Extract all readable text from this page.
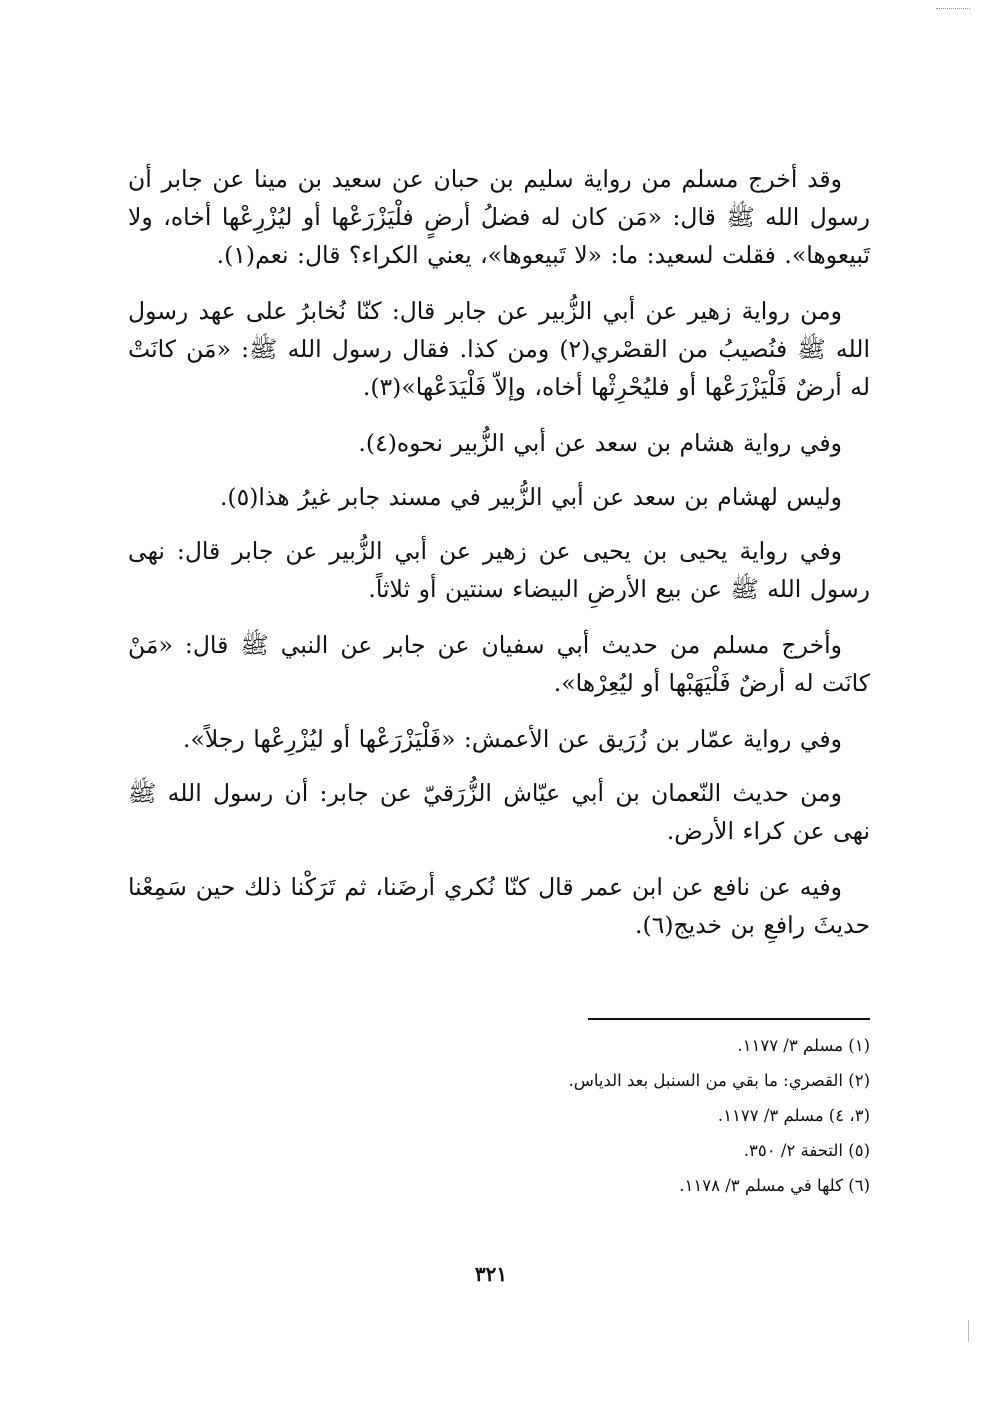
وقد أخرج مسلم من رواية سليم بن حبان عن سعيد بن مينا عن جابر أن رسول الله ﷺ قال: «مَن كان له فضلُ أرضٍ فلْيَزْرَعْها أو ليُزْرِعْها أخاه، ولا تَبيعوها». فقلت لسعيد: ما: «لا تَبيعوها»، يعني الكراء؟ قال: نعم(١).

ومن رواية زهير عن أبي الزُّبير عن جابر قال: كنّا نُخابرُ على عهد رسول الله ﷺ فنُصيبُ من القصْري(٢) ومن كذا. فقال رسول الله ﷺ: «مَن كانَتْ له أرضٌ فَلْيَزْرَعْها أو فليُحْرِثْها أخاه، وإلاّ فَلْيَدَعْها»(٣).

وفي رواية هشام بن سعد عن أبي الزُّبير نحوه(٤).

وليس لهشام بن سعد عن أبي الزُّبير في مسند جابر غيرُ هذا(٥).

وفي رواية يحيى بن يحيى عن زهير عن أبي الزُّبير عن جابر قال: نهى رسول الله ﷺ عن بيع الأرضِ البيضاء سنتين أو ثلاثاً.

وأخرج مسلم من حديث أبي سفيان عن جابر عن النبي ﷺ قال: «مَنْ كانَت له أرضٌ فَلْيَهَبْها أو ليُعِرْها».

وفي رواية عمّار بن زُرَيق عن الأعمش: «فَلْيَزْرَعْها أو ليُزْرِعْها رجلاً».

ومن حديث النّعمان بن أبي عيّاش الزُّرَقيّ عن جابر: أن رسول الله ﷺ نهى عن كراء الأرض.

وفيه عن نافع عن ابن عمر قال كنّا نُكري أرضَنا، ثم تَرَكْنا ذلك حين سَمِعْنا حديثَ رافعِ بن خديج(٦).

(١) مسلم ٣/ ١١٧٧.

(٢) القصري: ما بقي من السنبل بعد الدياس.

(٣، ٤) مسلم ٣/ ١١٧٧.

(٥) التحفة ٢/ ٣٥٠.

(٦) كلها في مسلم ٣/ ١١٧٨.

٣٢١
